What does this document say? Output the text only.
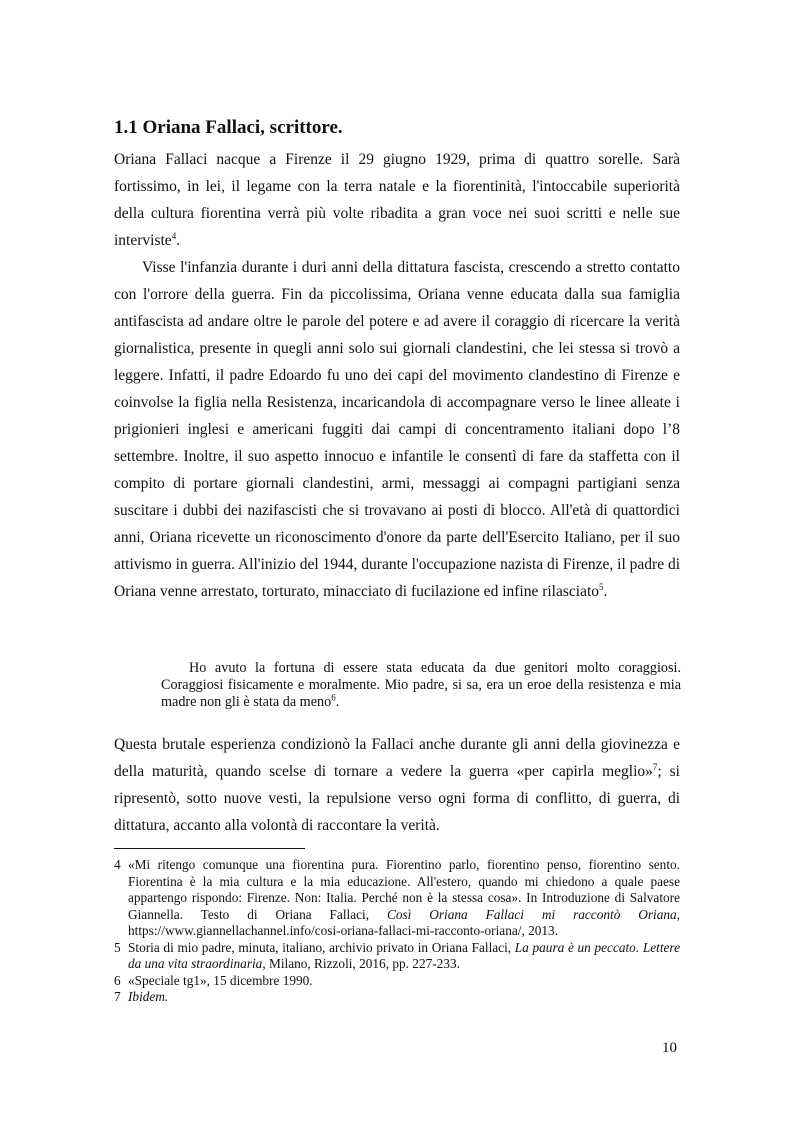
1.1 Oriana Fallaci, scrittore.

Oriana Fallaci nacque a Firenze il 29 giugno 1929, prima di quattro sorelle. Sarà fortissimo, in lei, il legame con la terra natale e la fiorentinità, l'intoccabile superiorità della cultura fiorentina verrà più volte ribadita a gran voce nei suoi scritti e nelle sue interviste$^4$.

Visse l'infanzia durante i duri anni della dittatura fascista, crescendo a stretto contatto con l'orrore della guerra. Fin da piccolissima, Oriana venne educata dalla sua famiglia antifascista ad andare oltre le parole del potere e ad avere il coraggio di ricercare la verità giornalistica, presente in quegli anni solo sui giornali clandestini, che lei stessa si trovò a leggere. Infatti, il padre Edoardo fu uno dei capi del movimento clandestino di Firenze e coinvolse la figlia nella Resistenza, incaricandola di accompagnare verso le linee alleate i prigionieri inglesi e americani fuggiti dai campi di concentramento italiani dopo l’8 settembre. Inoltre, il suo aspetto innocuo e infantile le consentì di fare da staffetta con il compito di portare giornali clandestini, armi, messaggi ai compagni partigiani senza suscitare i dubbi dei nazifascisti che si trovavano ai posti di blocco. All'età di quattordici anni, Oriana ricevette un riconoscimento d'onore da parte dell'Esercito Italiano, per il suo attivismo in guerra. All'inizio del 1944, durante l'occupazione nazista di Firenze, il padre di Oriana venne arrestato, torturato, minacciato di fucilazione ed infine rilasciato$^5$.

Ho avuto la fortuna di essere stata educata da due genitori molto coraggiosi. Coraggiosi fisicamente e moralmente. Mio padre, si sa, era un eroe della resistenza e mia madre non gli è stata da meno$^6$.

Questa brutale esperienza condizionò la Fallaci anche durante gli anni della giovinezza e della maturità, quando scelse di tornare a vedere la guerra «per capirla meglio»$^7$; si ripresentò, sotto nuove vesti, la repulsione verso ogni forma di conflitto, di guerra, di dittatura, accanto alla volontà di raccontare la verità.

4 «Mi ritengo comunque una fiorentina pura. Fiorentino parlo, fiorentino penso, fiorentino sento. Fiorentina è la mia cultura e la mia educazione. All'estero, quando mi chiedono a quale paese appartengo rispondo: Firenze. Non: Italia. Perché non è la stessa cosa». In Introduzione di Salvatore Giannella. Testo di Oriana Fallaci, Così Oriana Fallaci mi raccontò Oriana, https://www.giannellachannel.info/cosi-oriana-fallaci-mi-racconto-oriana/, 2013.

5 Storia di mio padre, minuta, italiano, archivio privato in Oriana Fallaci, La paura è un peccato. Lettere da una vita straordinaria, Milano, Rizzoli, 2016, pp. 227-233.

6 «Speciale tg1», 15 dicembre 1990.

7 Ibidem.

10
